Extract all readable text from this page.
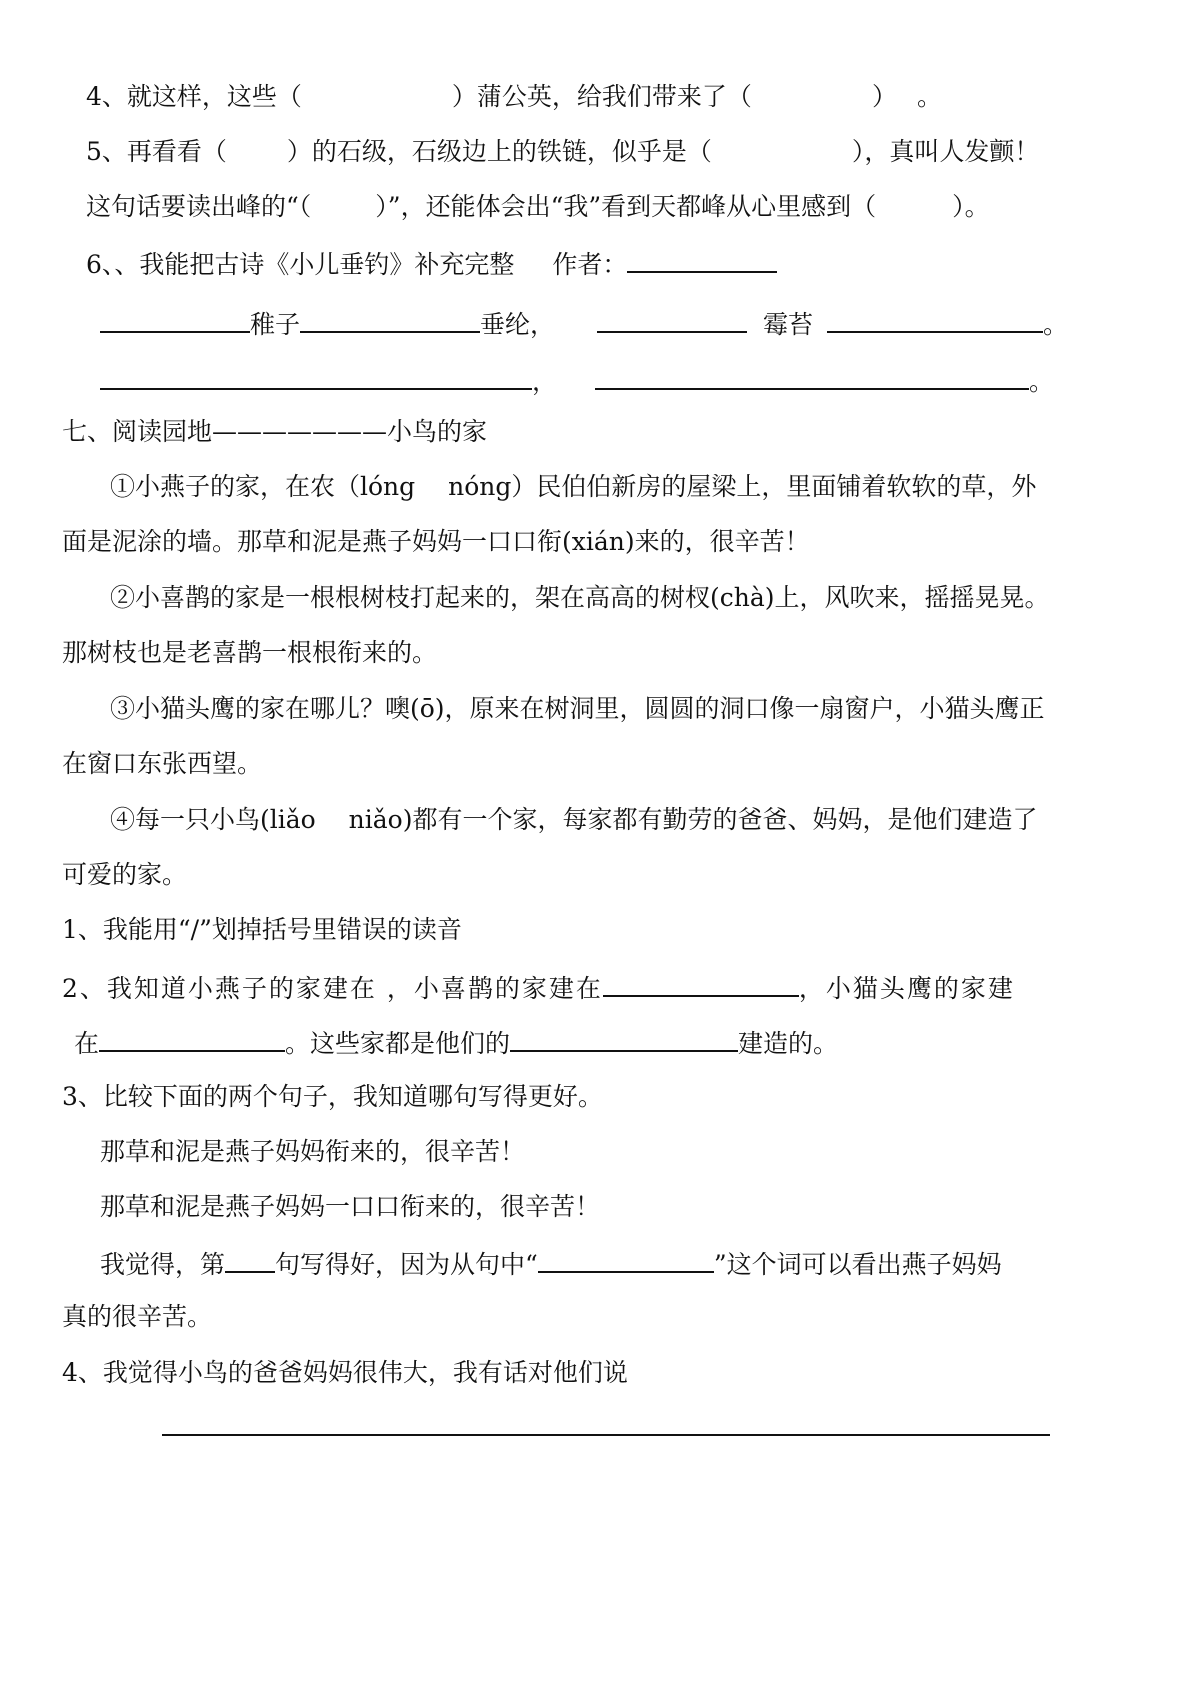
4、就这样，这些（	）蒲公英，给我们带来了（	） 。
5、再看看（ ）的石级，石级边上的铁链，似乎是（	），真叫人发颤！
这句话要读出峰的“（	）”，还能体会出“我”看到天都峰从心里感到（	）。
6、、我能把古诗《小儿垂钓》补充完整 作者：
稚子	垂纶，	霉苔	。
，	。
七、阅读园地———————小鸟的家
①小燕子的家，在农（lóng　 nóng）民伯伯新房的屋梁上，里面铺着软软的草，外
面是泥涂的墙。那草和泥是燕子妈妈一口口衔(xián)来的，很辛苦！
②小喜鹊的家是一根根树枝打起来的，架在高高的树杈(chà)上，风吹来，摇摇晃晃。
那树枝也是老喜鹊一根根衔来的。
③小猫头鹰的家在哪儿？噢(ō)，原来在树洞里，圆圆的洞口像一扇窗户，小猫头鹰正
在窗口东张西望。
④每一只小鸟(liǎo　 niǎo)都有一个家，每家都有勤劳的爸爸、妈妈，是他们建造了
可爱的家。
1、我能用“/”划掉括号里错误的读音
2、我知道小燕子的家建在 ，小喜鹊的家建在	，小猫头鹰的家建
在	。这些家都是他们的	建造的。
3、比较下面的两个句子，我知道哪句写得更好。
那草和泥是燕子妈妈衔来的，很辛苦！
那草和泥是燕子妈妈一口口衔来的，很辛苦！
我觉得，第 句写得好，因为从句中“	”这个词可以看出燕子妈妈
真的很辛苦。
4、我觉得小鸟的爸爸妈妈很伟大，我有话对他们说
